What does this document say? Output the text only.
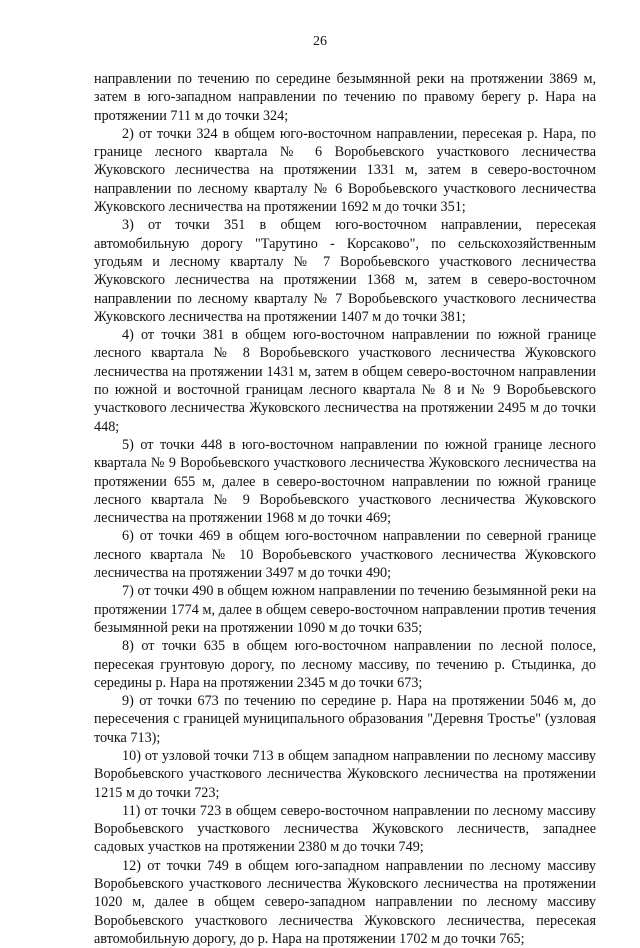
26

направлении по течению по середине безымянной реки на протяжении 3869 м, затем в юго-западном направлении по течению по правому берегу р. Нара на протяжении 711 м до точки 324;

2) от точки 324 в общем юго-восточном направлении, пересекая р. Нара, по границе лесного квартала № 6 Воробьевского участкового лесничества Жуковского лесничества на протяжении 1331 м, затем в северо-восточном направлении по лесному кварталу № 6 Воробьевского участкового лесничества Жуковского лесничества на протяжении 1692 м до точки 351;

3) от точки 351 в общем юго-восточном направлении, пересекая автомобильную дорогу "Тарутино - Корсаково", по сельскохозяйственным угодьям и лесному кварталу № 7 Воробьевского участкового лесничества Жуковского лесничества на протяжении 1368 м, затем в северо-восточном направлении по лесному кварталу № 7 Воробьевского участкового лесничества Жуковского лесничества на протяжении 1407 м до точки 381;

4) от точки 381 в общем юго-восточном направлении по южной границе лесного квартала № 8 Воробьевского участкового лесничества Жуковского лесничества на протяжении 1431 м, затем в общем северо-восточном направлении по южной и восточной границам лесного квартала № 8 и № 9 Воробьевского участкового лесничества Жуковского лесничества на протяжении 2495 м до точки 448;

5) от точки 448 в юго-восточном направлении по южной границе лесного квартала № 9 Воробьевского участкового лесничества Жуковского лесничества на протяжении 655 м, далее в северо-восточном направлении по южной границе лесного квартала № 9 Воробьевского участкового лесничества Жуковского лесничества на протяжении 1968 м до точки 469;

6) от точки 469 в общем юго-восточном направлении по северной границе лесного квартала № 10 Воробьевского участкового лесничества Жуковского лесничества на протяжении 3497 м до точки 490;

7) от точки 490 в общем южном направлении по течению безымянной реки на протяжении 1774 м, далее в общем северо-восточном направлении против течения безымянной реки на протяжении 1090 м до точки 635;

8) от точки 635 в общем юго-восточном направлении по лесной полосе, пересекая грунтовую дорогу, по лесному массиву, по течению р. Стыдинка, до середины р. Нара на протяжении 2345 м до точки 673;

9) от точки 673 по течению по середине р. Нара на протяжении 5046 м, до пересечения с границей муниципального образования "Деревня Тростье" (узловая точка 713);

10) от узловой точки 713 в общем западном направлении по лесному массиву Воробьевского участкового лесничества Жуковского лесничества на протяжении 1215 м до точки 723;

11) от точки 723 в общем северо-восточном направлении по лесному массиву Воробьевского участкового лесничества Жуковского лесничеств, западнее садовых участков на протяжении 2380 м до точки 749;

12) от точки 749 в общем юго-западном направлении по лесному массиву Воробьевского участкового лесничества Жуковского лесничества на протяжении 1020 м, далее в общем северо-западном направлении по лесному массиву Воробьевского участкового лесничества Жуковского лесничества, пересекая автомобильную дорогу, до р. Нара на протяжении 1702 м до точки 765;
